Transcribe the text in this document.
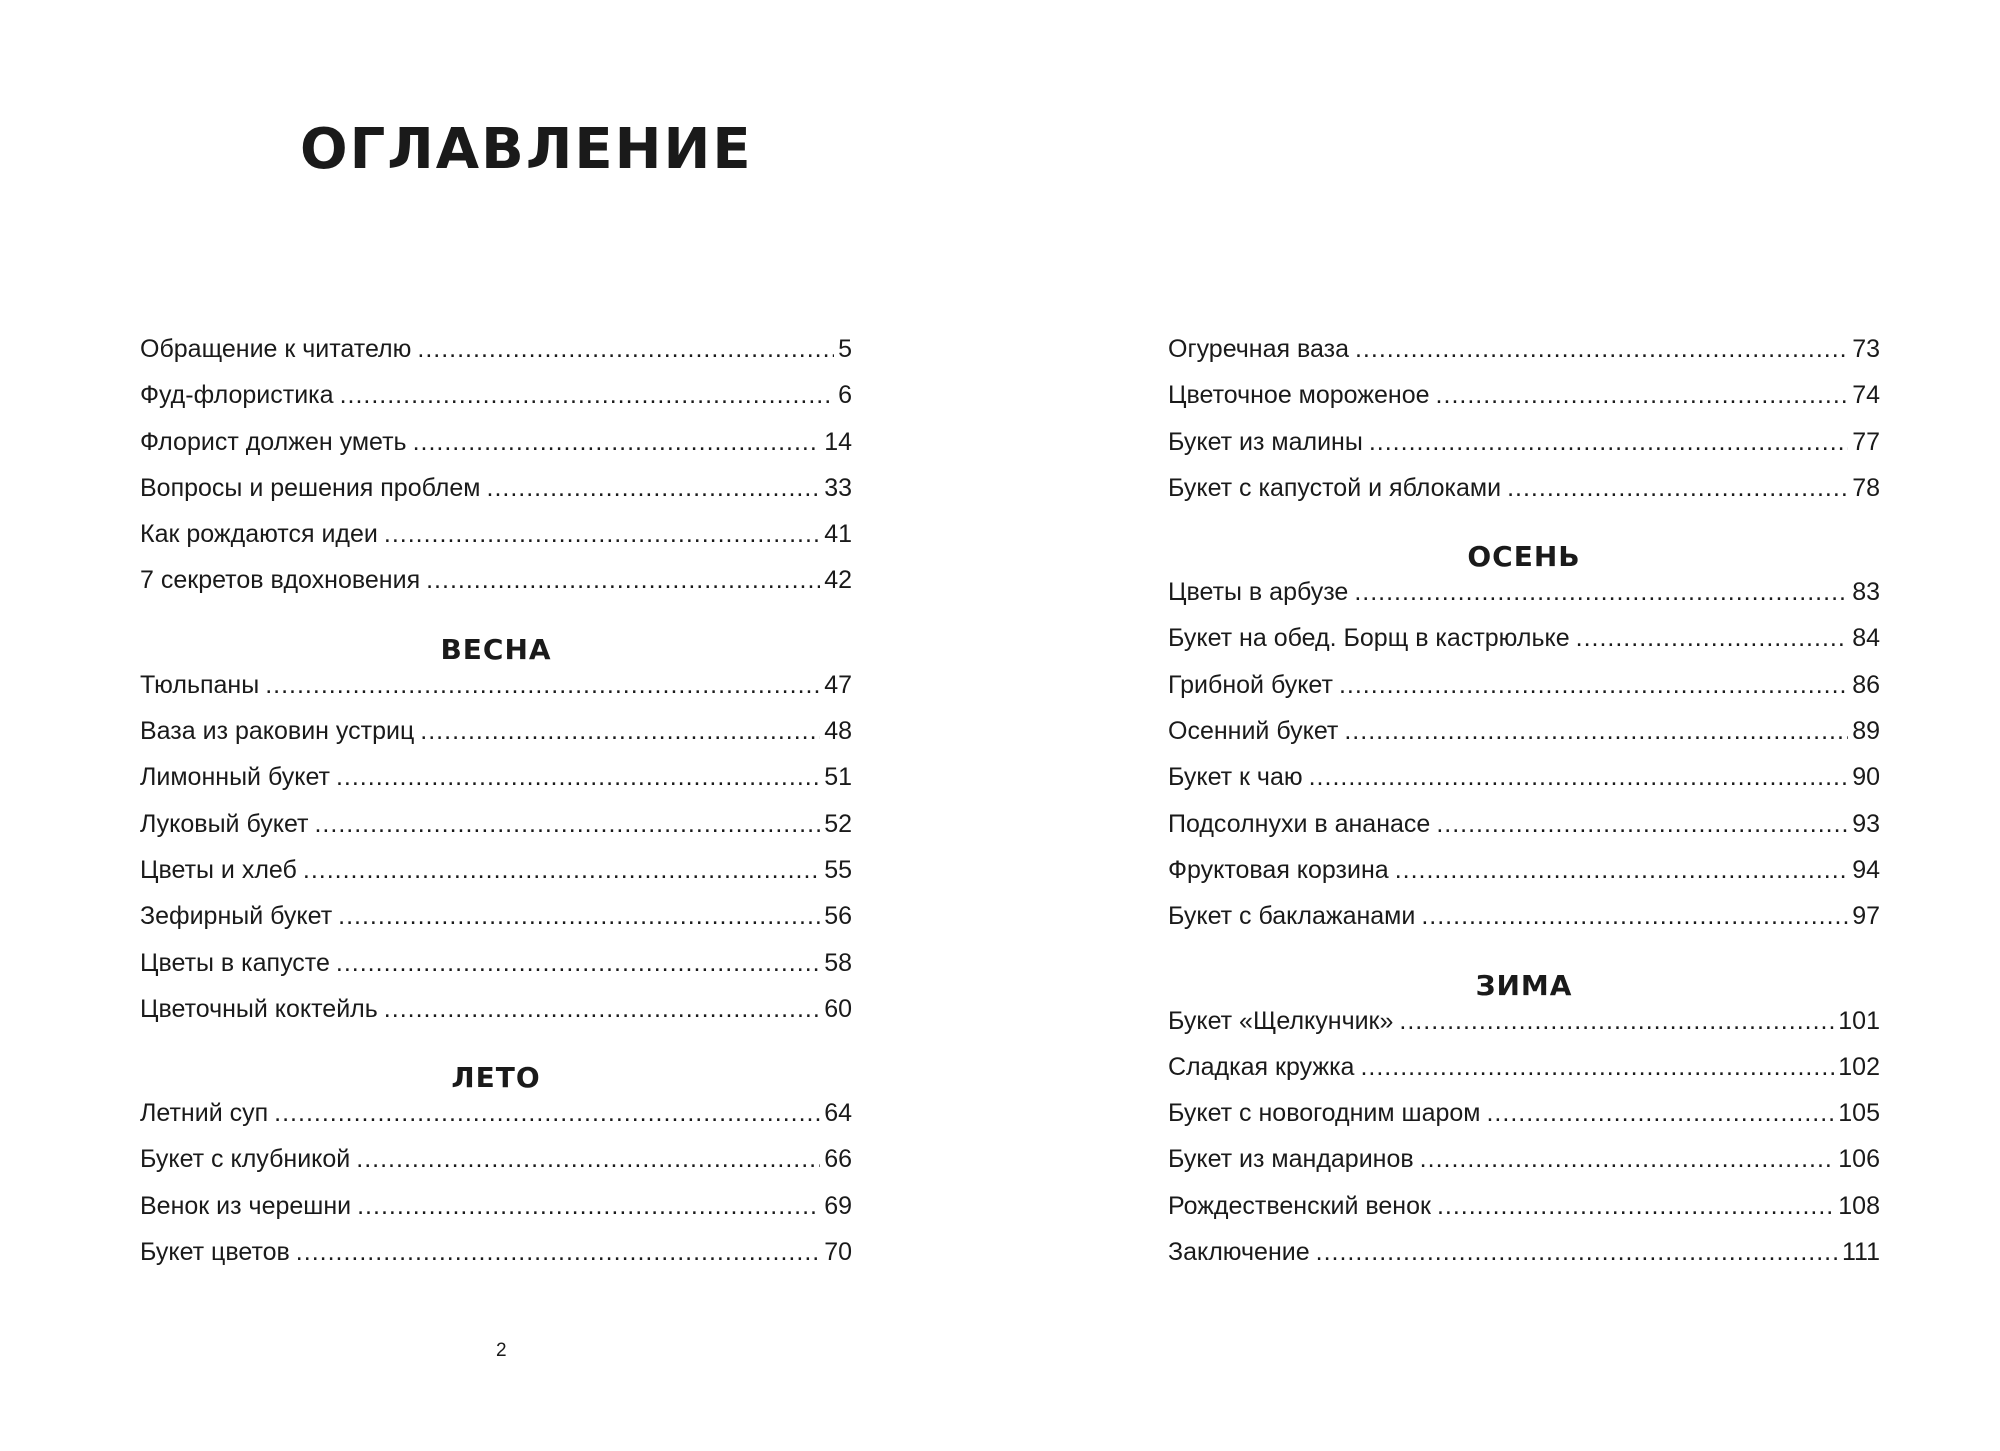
ОГЛАВЛЕНИЕ
Обращение к читателю .....	5
Фуд-флористика .....	6
Флорист должен уметь .....	14
Вопросы и решения проблем .....	33
Как рождаются идеи .....	41
7 секретов вдохновения .....	42
ВЕСНА
Тюльпаны .....	47
Ваза из раковин устриц .....	48
Лимонный букет .....	51
Луковый букет .....	52
Цветы и хлеб .....	55
Зефирный букет .....	56
Цветы в капусте .....	58
Цветочный коктейль .....	60
ЛЕТО
Летний суп .....	64
Букет с клубникой .....	66
Венок из черешни .....	69
Букет цветов .....	70
Огуречная ваза .....	73
Цветочное мороженое .....	74
Букет из малины .....	77
Букет с капустой и яблоками .....	78
ОСЕНЬ
Цветы в арбузе .....	83
Букет на обед. Борщ в кастрюльке .....	84
Грибной букет .....	86
Осенний букет .....	89
Букет к чаю .....	90
Подсолнухи в ананасе .....	93
Фруктовая корзина .....	94
Букет с баклажанами .....	97
ЗИМА
Букет «Щелкунчик» .....	101
Сладкая кружка .....	102
Букет с новогодним шаром .....	105
Букет из мандаринов .....	106
Рождественский венок .....	108
Заключение .....	111
2
